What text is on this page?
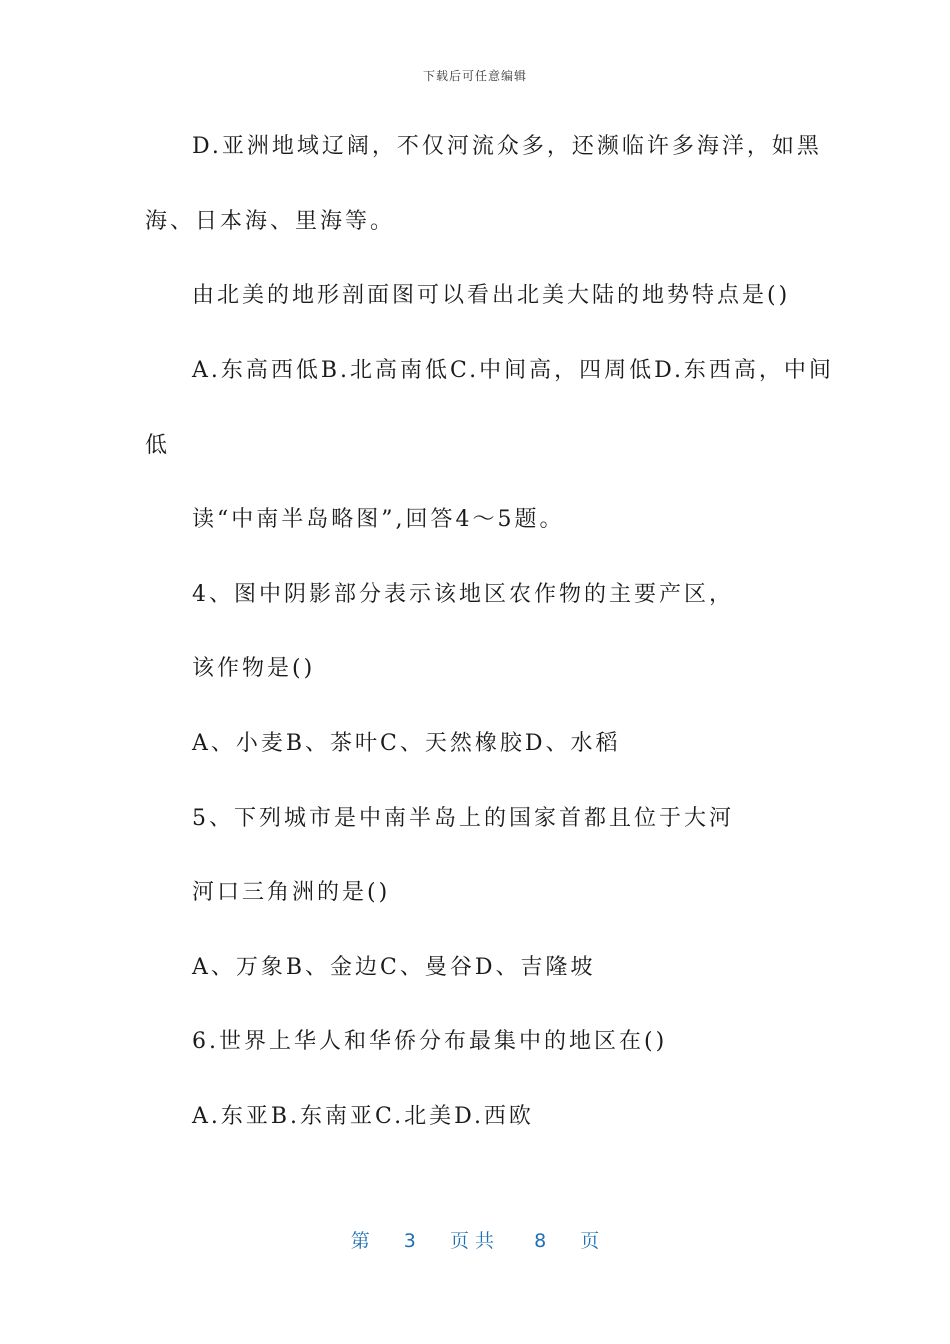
下载后可任意编辑
D.亚洲地域辽阔，不仅河流众多，还濒临许多海洋，如黑
海、日本海、里海等。
由北美的地形剖面图可以看出北美大陆的地势特点是()
A.东高西低B.北高南低C.中间高，四周低D.东西高，中间
低
读“中南半岛略图”,回答4～5题。
4、图中阴影部分表示该地区农作物的主要产区，
该作物是()
A、小麦B、茶叶C、天然橡胶D、水稻
5、下列城市是中南半岛上的国家首都且位于大河
河口三角洲的是()
A、万象B、金边C、曼谷D、吉隆坡
6.世界上华人和华侨分布最集中的地区在()
A.东亚B.东南亚C.北美D.西欧
第 3 页共 8 页
